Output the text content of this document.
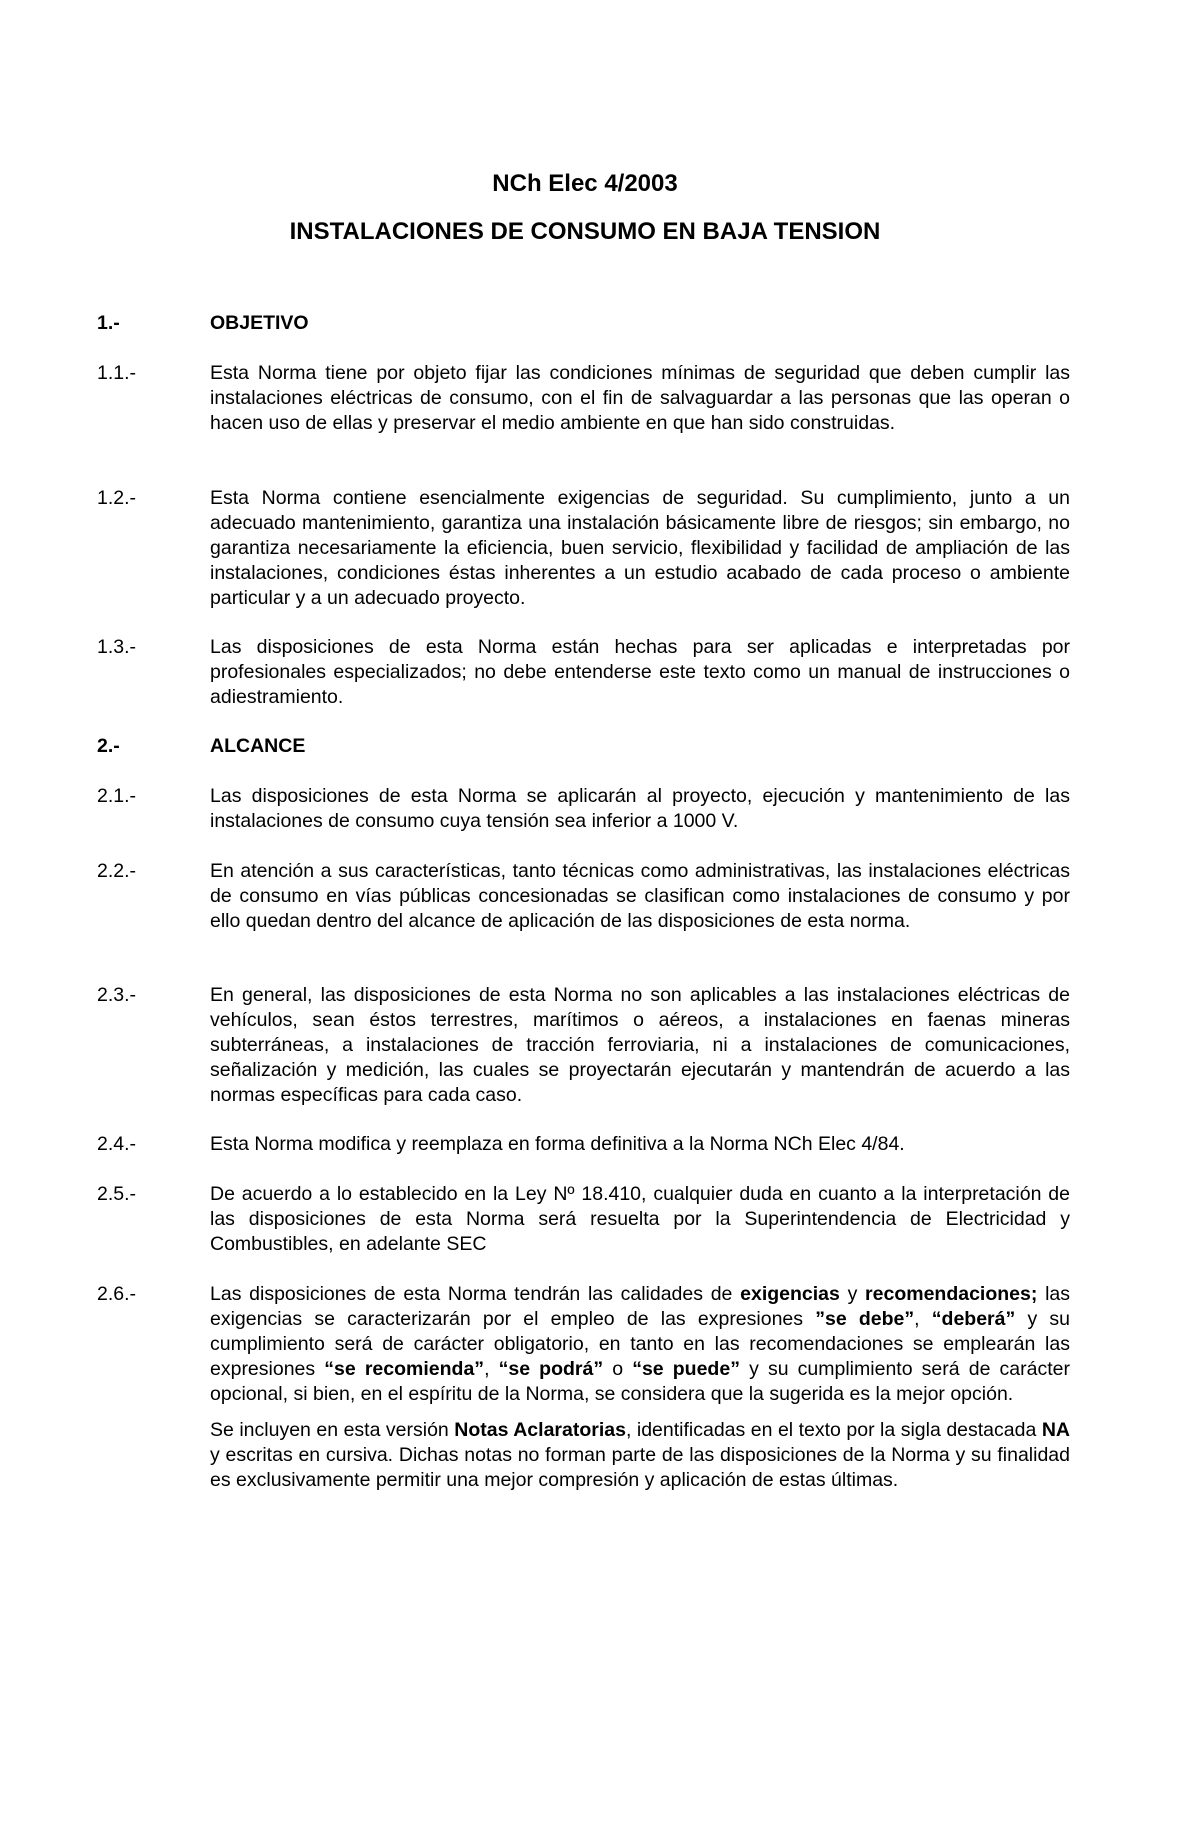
NCh Elec 4/2003
INSTALACIONES DE CONSUMO EN BAJA TENSION
1.-	OBJETIVO
1.1.-	Esta Norma tiene por objeto fijar las condiciones mínimas de seguridad que deben cumplir las instalaciones eléctricas de consumo, con el fin de salvaguardar a las personas que las operan o hacen uso de ellas y preservar el medio ambiente en que han sido construidas.
1.2.-	Esta Norma contiene esencialmente exigencias de seguridad. Su cumplimiento, junto a un adecuado mantenimiento, garantiza una instalación básicamente libre de riesgos; sin embargo, no garantiza necesariamente la eficiencia, buen servicio, flexibilidad y facilidad de ampliación de las instalaciones, condiciones éstas inherentes a un estudio acabado de cada proceso o ambiente particular y a un adecuado proyecto.
1.3.-	Las disposiciones de esta Norma están hechas para ser aplicadas e interpretadas por profesionales especializados; no debe entenderse este texto como un manual de instrucciones o adiestramiento.
2.-	ALCANCE
2.1.-	Las disposiciones de esta Norma se aplicarán al proyecto, ejecución y mantenimiento de las instalaciones de consumo cuya tensión sea inferior a 1000 V.
2.2.-	En atención a sus características, tanto técnicas como administrativas, las instalaciones eléctricas de consumo en vías públicas concesionadas se clasifican como instalaciones de consumo y por ello quedan dentro del alcance de aplicación de las disposiciones de esta norma.
2.3.-	En general, las disposiciones de esta Norma no son aplicables a las instalaciones eléctricas de vehículos, sean éstos terrestres, marítimos o aéreos, a instalaciones en faenas mineras subterráneas, a instalaciones de tracción ferroviaria, ni a instalaciones de comunicaciones, señalización y medición, las cuales se proyectarán ejecutarán y mantendrán de acuerdo a las normas específicas para cada caso.
2.4.-	Esta Norma modifica y reemplaza en forma definitiva a la Norma NCh Elec 4/84.
2.5.-	De acuerdo a lo establecido en la Ley Nº 18.410, cualquier duda en cuanto a la interpretación de las disposiciones de esta Norma será resuelta por la Superintendencia de Electricidad y Combustibles, en adelante SEC
2.6.-	Las disposiciones de esta Norma tendrán las calidades de exigencias y recomendaciones; las exigencias se caracterizarán por el empleo de las expresiones ”se debe”, “deberá” y su cumplimiento será de carácter obligatorio, en tanto en las recomendaciones se emplearán las expresiones “se recomienda”, “se podrá” o “se puede” y su cumplimiento será de carácter opcional, si bien, en el espíritu de la Norma, se considera que la sugerida es la mejor opción.

Se incluyen en esta versión Notas Aclaratorias, identificadas en el texto por la sigla destacada NA y escritas en cursiva. Dichas notas no forman parte de las disposiciones de la Norma y su finalidad es exclusivamente permitir una mejor compresión y aplicación de estas últimas.
